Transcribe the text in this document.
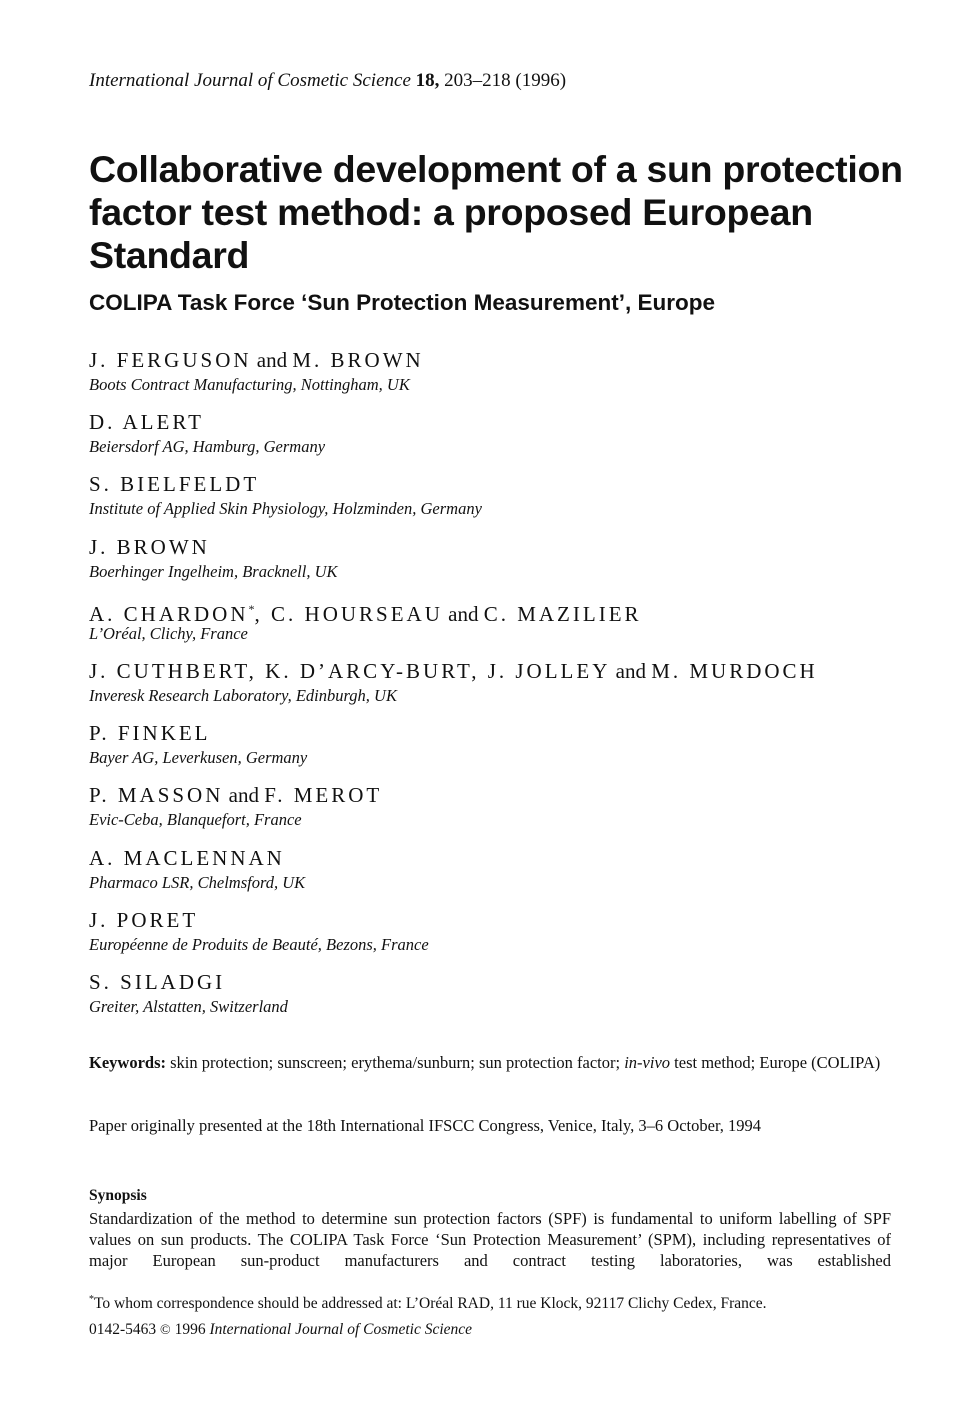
International Journal of Cosmetic Science 18, 203–218 (1996)
Collaborative development of a sun protection factor test method: a proposed European Standard
COLIPA Task Force ‘Sun Protection Measurement’, Europe
J. FERGUSON and M. BROWN
Boots Contract Manufacturing, Nottingham, UK
D. ALERT
Beiersdorf AG, Hamburg, Germany
S. BIELFELDT
Institute of Applied Skin Physiology, Holzminden, Germany
J. BROWN
Boerhinger Ingelheim, Bracknell, UK
A. CHARDON*, C. HOURSEAU and C. MAZILIER
L’Oréal, Clichy, France
J. CUTHBERT, K. D’ARCY-BURT, J. JOLLEY and M. MURDOCH
Inveresk Research Laboratory, Edinburgh, UK
P. FINKEL
Bayer AG, Leverkusen, Germany
P. MASSON and F. MEROT
Evic-Ceba, Blanquefort, France
A. MACLENNAN
Pharmaco LSR, Chelmsford, UK
J. PORET
Européenne de Produits de Beauté, Bezons, France
S. SILADGI
Greiter, Alstatten, Switzerland
Keywords: skin protection; sunscreen; erythema/sunburn; sun protection factor; in-vivo test method; Europe (COLIPA)
Paper originally presented at the 18th International IFSCC Congress, Venice, Italy, 3–6 October, 1994
Synopsis
Standardization of the method to determine sun protection factors (SPF) is fundamental to uniform labelling of SPF values on sun products. The COLIPA Task Force ‘Sun Protection Measurement’ (SPM), including representatives of major European sun-product manufacturers and contract testing laboratories, was established
*To whom correspondence should be addressed at: L’Oréal RAD, 11 rue Klock, 92117 Clichy Cedex, France.
0142-5463 © 1996 International Journal of Cosmetic Science
